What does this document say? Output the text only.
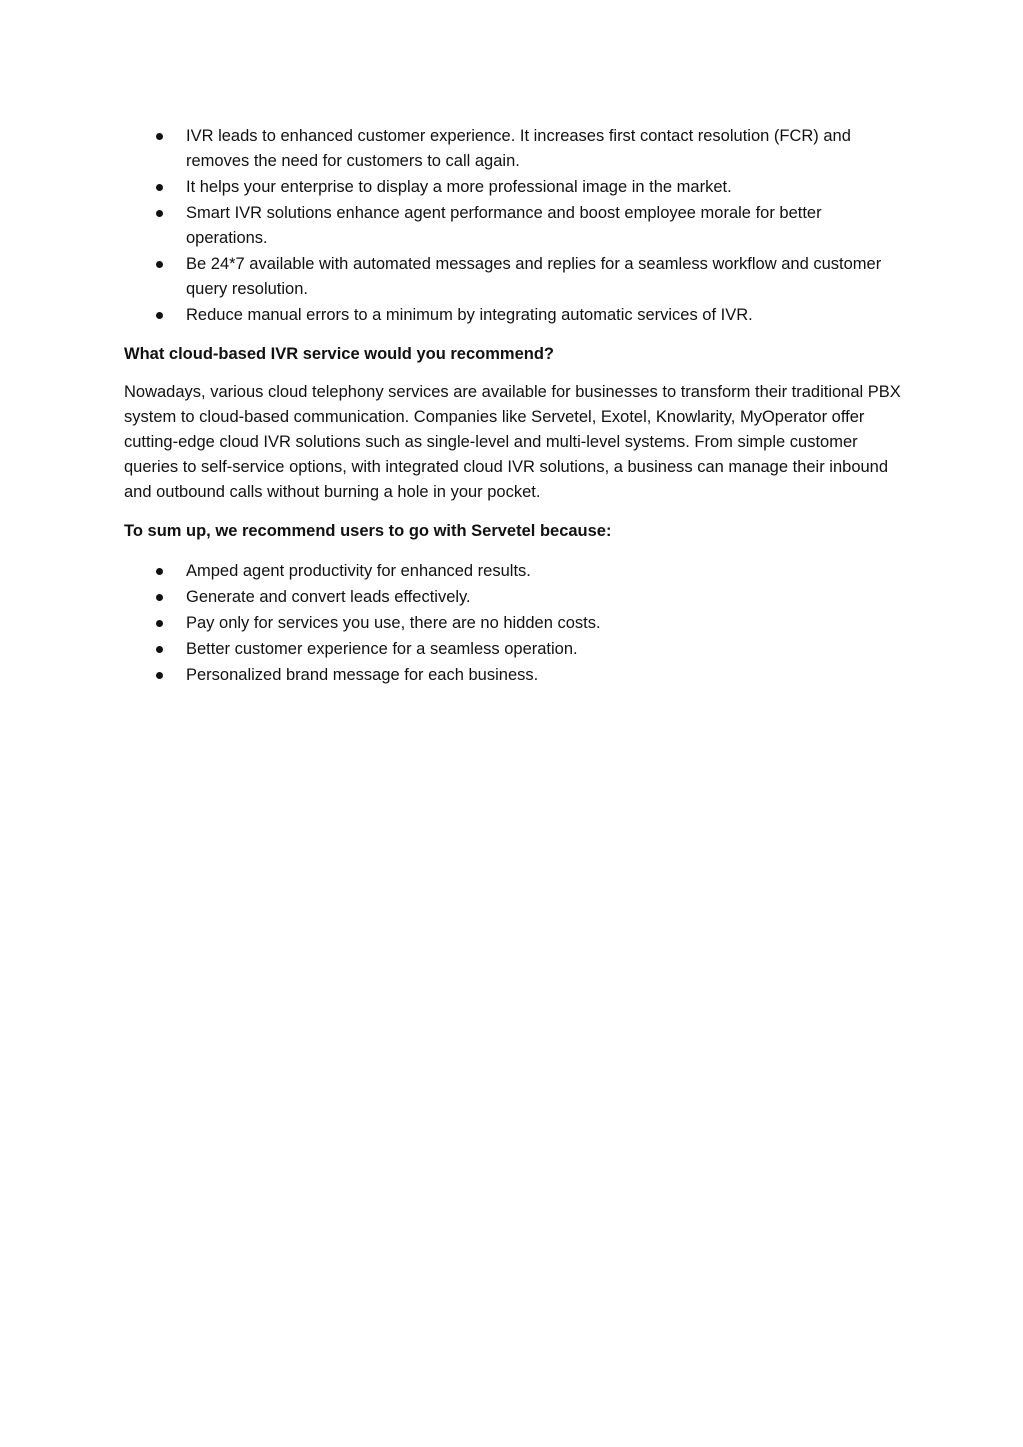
IVR leads to enhanced customer experience. It increases first contact resolution (FCR) and removes the need for customers to call again.
It helps your enterprise to display a more professional image in the market.
Smart IVR solutions enhance agent performance and boost employee morale for better operations.
Be 24*7 available with automated messages and replies for a seamless workflow and customer query resolution.
Reduce manual errors to a minimum by integrating automatic services of IVR.
What cloud-based IVR service would you recommend?
Nowadays, various cloud telephony services are available for businesses to transform their traditional PBX system to cloud-based communication. Companies like Servetel, Exotel, Knowlarity, MyOperator offer cutting-edge cloud IVR solutions such as single-level and multi-level systems. From simple customer queries to self-service options, with integrated cloud IVR solutions, a business can manage their inbound and outbound calls without burning a hole in your pocket.
To sum up, we recommend users to go with Servetel because:
Amped agent productivity for enhanced results.
Generate and convert leads effectively.
Pay only for services you use, there are no hidden costs.
Better customer experience for a seamless operation.
Personalized brand message for each business.
